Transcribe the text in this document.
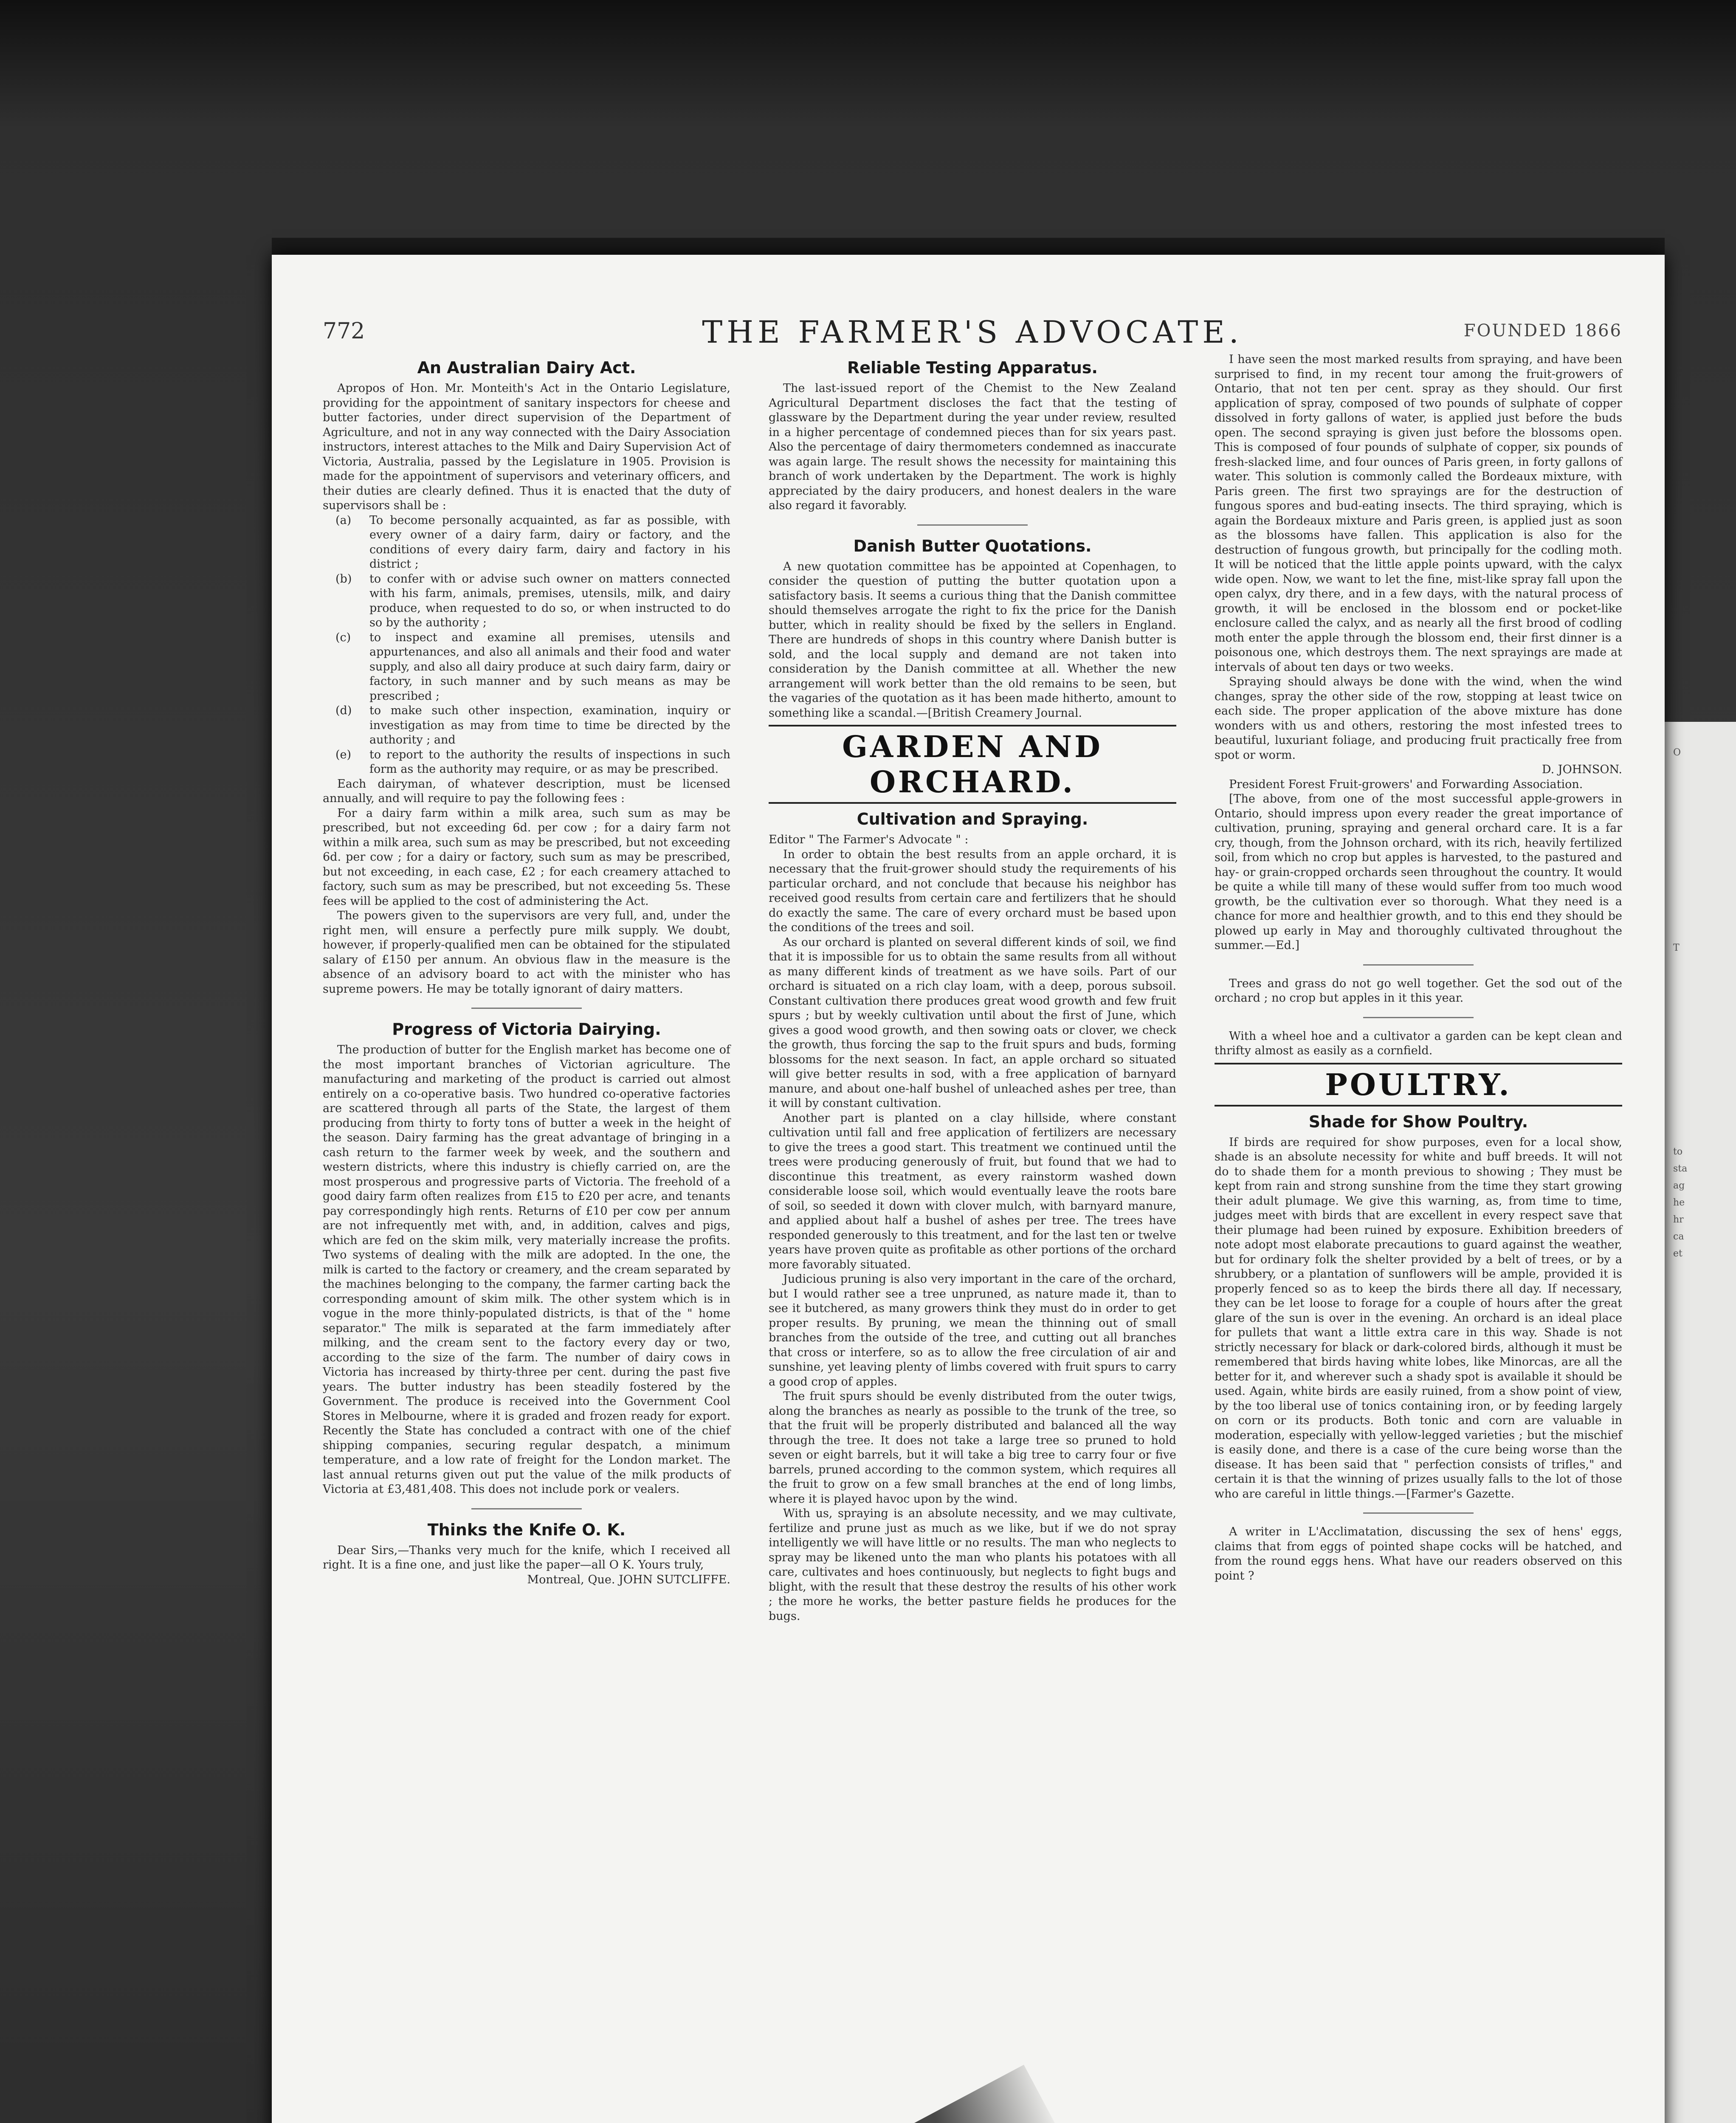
O
T
to
sta
ag
he
hr
ca
et
772	THE FARMER'S ADVOCATE.	FOUNDED 1866
An Australian Dairy Act.

Apropos of Hon. Mr. Monteith's Act in the Ontario Legislature, providing for the appointment of sanitary inspectors for cheese and butter factories, under direct supervision of the Department of Agriculture, and not in any way connected with the Dairy Association instructors, interest attaches to the Milk and Dairy Supervision Act of Victoria, Australia, passed by the Legislature in 1905. Provision is made for the appointment of supervisors and veterinary officers, and their duties are clearly defined. Thus it is enacted that the duty of supervisors shall be :

(a)	To become personally acquainted, as far as possible, with every owner of a dairy farm, dairy or factory, and the conditions of every dairy farm, dairy and factory in his district ;
(b)	to confer with or advise such owner on matters connected with his farm, animals, premises, utensils, milk, and dairy produce, when requested to do so, or when instructed to do so by the authority ;
(c)	to inspect and examine all premises, utensils and appurtenances, and also all animals and their food and water supply, and also all dairy produce at such dairy farm, dairy or factory, in such manner and by such means as may be prescribed ;
(d)	to make such other inspection, examination, inquiry or investigation as may from time to time be directed by the authority ; and
(e)	to report to the authority the results of inspections in such form as the authority may require, or as may be prescribed.

Each dairyman, of whatever description, must be licensed annually, and will require to pay the following fees :

For a dairy farm within a milk area, such sum as may be prescribed, but not exceeding 6d. per cow ; for a dairy farm not within a milk area, such sum as may be prescribed, but not exceeding 6d. per cow ; for a dairy or factory, such sum as may be prescribed, but not exceeding, in each case, £2 ; for each creamery attached to factory, such sum as may be prescribed, but not exceeding 5s. These fees will be applied to the cost of administering the Act.

The powers given to the supervisors are very full, and, under the right men, will ensure a perfectly pure milk supply. We doubt, however, if properly-qualified men can be obtained for the stipulated salary of £150 per annum. An obvious flaw in the measure is the absence of an advisory board to act with the minister who has supreme powers. He may be totally ignorant of dairy matters.

Progress of Victoria Dairying.

The production of butter for the English market has become one of the most important branches of Victorian agriculture. The manufacturing and marketing of the product is carried out almost entirely on a co-operative basis. Two hundred co-operative factories are scattered through all parts of the State, the largest of them producing from thirty to forty tons of butter a week in the height of the season. Dairy farming has the great advantage of bringing in a cash return to the farmer week by week, and the southern and western districts, where this industry is chiefly carried on, are the most prosperous and progressive parts of Victoria. The freehold of a good dairy farm often realizes from £15 to £20 per acre, and tenants pay correspondingly high rents. Returns of £10 per cow per annum are not infrequently met with, and, in addition, calves and pigs, which are fed on the skim milk, very materially increase the profits. Two systems of dealing with the milk are adopted. In the one, the milk is carted to the factory or creamery, and the cream separated by the machines belonging to the company, the farmer carting back the corresponding amount of skim milk. The other system which is in vogue in the more thinly-populated districts, is that of the " home separator." The milk is separated at the farm immediately after milking, and the cream sent to the factory every day or two, according to the size of the farm. The number of dairy cows in Victoria has increased by thirty-three per cent. during the past five years. The butter industry has been steadily fostered by the Government. The produce is received into the Government Cool Stores in Melbourne, where it is graded and frozen ready for export. Recently the State has concluded a contract with one of the chief shipping companies, securing regular despatch, a minimum temperature, and a low rate of freight for the London market. The last annual returns given out put the value of the milk products of Victoria at £3,481,408. This does not include pork or vealers.

Thinks the Knife O. K.

Dear Sirs,—Thanks very much for the knife, which I received all right. It is a fine one, and just like the paper—all O K. Yours truly,

Montreal, Que. JOHN SUTCLIFFE.

Reliable Testing Apparatus.

The last-issued report of the Chemist to the New Zealand Agricultural Department discloses the fact that the testing of glassware by the Department during the year under review, resulted in a higher percentage of condemned pieces than for six years past. Also the percentage of dairy thermometers condemned as inaccurate was again large. The result shows the necessity for maintaining this branch of work undertaken by the Department. The work is highly appreciated by the dairy producers, and honest dealers in the ware also regard it favorably.

Danish Butter Quotations.

A new quotation committee has be appointed at Copenhagen, to consider the question of putting the butter quotation upon a satisfactory basis. It seems a curious thing that the Danish committee should themselves arrogate the right to fix the price for the Danish butter, which in reality should be fixed by the sellers in England. There are hundreds of shops in this country where Danish butter is sold, and the local supply and demand are not taken into consideration by the Danish committee at all. Whether the new arrangement will work better than the old remains to be seen, but the vagaries of the quotation as it has been made hitherto, amount to something like a scandal.—[British Creamery Journal.

GARDEN AND ORCHARD.
Cultivation and Spraying.

Editor " The Farmer's Advocate " :

In order to obtain the best results from an apple orchard, it is necessary that the fruit-grower should study the requirements of his particular orchard, and not conclude that because his neighbor has received good results from certain care and fertilizers that he should do exactly the same. The care of every orchard must be based upon the conditions of the trees and soil.

As our orchard is planted on several different kinds of soil, we find that it is impossible for us to obtain the same results from all without as many different kinds of treatment as we have soils. Part of our orchard is situated on a rich clay loam, with a deep, porous subsoil. Constant cultivation there produces great wood growth and few fruit spurs ; but by weekly cultivation until about the first of June, which gives a good wood growth, and then sowing oats or clover, we check the growth, thus forcing the sap to the fruit spurs and buds, forming blossoms for the next season. In fact, an apple orchard so situated will give better results in sod, with a free application of barnyard manure, and about one-half bushel of unleached ashes per tree, than it will by constant cultivation.

Another part is planted on a clay hillside, where constant cultivation until fall and free application of fertilizers are necessary to give the trees a good start. This treatment we continued until the trees were producing generously of fruit, but found that we had to discontinue this treatment, as every rainstorm washed down considerable loose soil, which would eventually leave the roots bare of soil, so seeded it down with clover mulch, with barnyard manure, and applied about half a bushel of ashes per tree. The trees have responded generously to this treatment, and for the last ten or twelve years have proven quite as profitable as other portions of the orchard more favorably situated.

Judicious pruning is also very important in the care of the orchard, but I would rather see a tree unpruned, as nature made it, than to see it butchered, as many growers think they must do in order to get proper results. By pruning, we mean the thinning out of small branches from the outside of the tree, and cutting out all branches that cross or interfere, so as to allow the free circulation of air and sunshine, yet leaving plenty of limbs covered with fruit spurs to carry a good crop of apples.

The fruit spurs should be evenly distributed from the outer twigs, along the branches as nearly as possible to the trunk of the tree, so that the fruit will be properly distributed and balanced all the way through the tree. It does not take a large tree so pruned to hold seven or eight barrels, but it will take a big tree to carry four or five barrels, pruned according to the common system, which requires all the fruit to grow on a few small branches at the end of long limbs, where it is played havoc upon by the wind.

With us, spraying is an absolute necessity, and we may cultivate, fertilize and prune just as much as we like, but if we do not spray intelligently we will have little or no results. The man who neglects to spray may be likened unto the man who plants his potatoes with all care, cultivates and hoes continuously, but neglects to fight bugs and blight, with the result that these destroy the results of his other work ; the more he works, the better pasture fields he produces for the bugs.

I have seen the most marked results from spraying, and have been surprised to find, in my recent tour among the fruit-growers of Ontario, that not ten per cent. spray as they should. Our first application of spray, composed of two pounds of sulphate of copper dissolved in forty gallons of water, is applied just before the buds open. The second spraying is given just before the blossoms open. This is composed of four pounds of sulphate of copper, six pounds of fresh-slacked lime, and four ounces of Paris green, in forty gallons of water. This solution is commonly called the Bordeaux mixture, with Paris green. The first two sprayings are for the destruction of fungous spores and bud-eating insects. The third spraying, which is again the Bordeaux mixture and Paris green, is applied just as soon as the blossoms have fallen. This application is also for the destruction of fungous growth, but principally for the codling moth. It will be noticed that the little apple points upward, with the calyx wide open. Now, we want to let the fine, mist-like spray fall upon the open calyx, dry there, and in a few days, with the natural process of growth, it will be enclosed in the blossom end or pocket-like enclosure called the calyx, and as nearly all the first brood of codling moth enter the apple through the blossom end, their first dinner is a poisonous one, which destroys them. The next sprayings are made at intervals of about ten days or two weeks.

Spraying should always be done with the wind, when the wind changes, spray the other side of the row, stopping at least twice on each side. The proper application of the above mixture has done wonders with us and others, restoring the most infested trees to beautiful, luxuriant foliage, and producing fruit practically free from spot or worm.

D. JOHNSON.

President Forest Fruit-growers' and Forwarding Association.

[The above, from one of the most successful apple-growers in Ontario, should impress upon every reader the great importance of cultivation, pruning, spraying and general orchard care. It is a far cry, though, from the Johnson orchard, with its rich, heavily fertilized soil, from which no crop but apples is harvested, to the pastured and hay- or grain-cropped orchards seen throughout the country. It would be quite a while till many of these would suffer from too much wood growth, be the cultivation ever so thorough. What they need is a chance for more and healthier growth, and to this end they should be plowed up early in May and thoroughly cultivated throughout the summer.—Ed.]

Trees and grass do not go well together. Get the sod out of the orchard ; no crop but apples in it this year.

With a wheel hoe and a cultivator a garden can be kept clean and thrifty almost as easily as a cornfield.

POULTRY.
Shade for Show Poultry.

If birds are required for show purposes, even for a local show, shade is an absolute necessity for white and buff breeds. It will not do to shade them for a month previous to showing ; They must be kept from rain and strong sunshine from the time they start growing their adult plumage. We give this warning, as, from time to time, judges meet with birds that are excellent in every respect save that their plumage had been ruined by exposure. Exhibition breeders of note adopt most elaborate precautions to guard against the weather, but for ordinary folk the shelter provided by a belt of trees, or by a shrubbery, or a plantation of sunflowers will be ample, provided it is properly fenced so as to keep the birds there all day. If necessary, they can be let loose to forage for a couple of hours after the great glare of the sun is over in the evening. An orchard is an ideal place for pullets that want a little extra care in this way. Shade is not strictly necessary for black or dark-colored birds, although it must be remembered that birds having white lobes, like Minorcas, are all the better for it, and wherever such a shady spot is available it should be used. Again, white birds are easily ruined, from a show point of view, by the too liberal use of tonics containing iron, or by feeding largely on corn or its products. Both tonic and corn are valuable in moderation, especially with yellow-legged varieties ; but the mischief is easily done, and there is a case of the cure being worse than the disease. It has been said that " perfection consists of trifles," and certain it is that the winning of prizes usually falls to the lot of those who are careful in little things.—[Farmer's Gazette.

A writer in L'Acclimatation, discussing the sex of hens' eggs, claims that from eggs of pointed shape cocks will be hatched, and from the round eggs hens. What have our readers observed on this point ?
